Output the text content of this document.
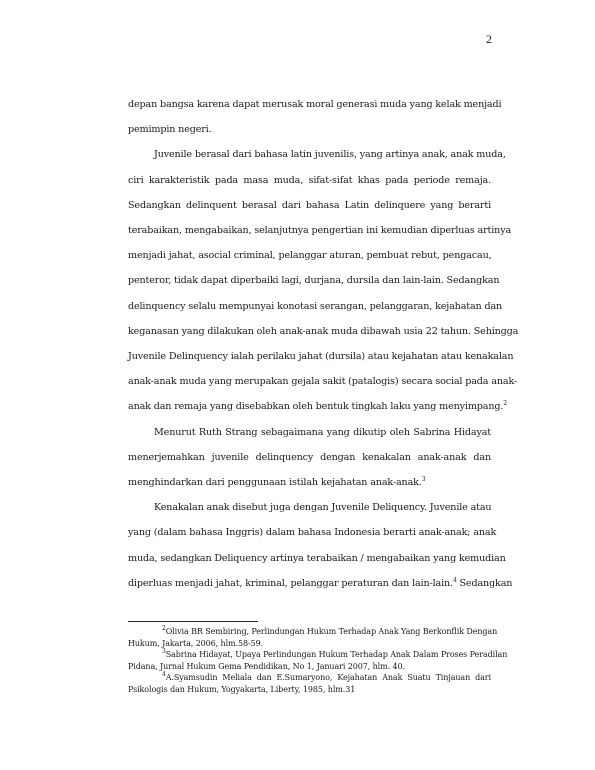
2
depan bangsa karena dapat merusak moral generasi muda yang kelak menjadi
pemimpin negeri.
Juvenile berasal dari bahasa latin juvenilis, yang artinya anak, anak muda,
ciri karakteristik pada masa muda, sifat-sifat khas pada periode remaja.
Sedangkan delinquent berasal dari bahasa Latin delinquere yang berarti
terabaikan, mengabaikan, selanjutnya pengertian ini kemudian diperluas artinya
menjadi jahat, asocial criminal, pelanggar aturan, pembuat rebut, pengacau,
penteror, tidak dapat diperbaiki lagi, durjana, dursila dan lain-lain. Sedangkan
delinquency selalu mempunyai konotasi serangan, pelanggaran, kejahatan dan
keganasan yang dilakukan oleh anak-anak muda dibawah usia 22 tahun. Sehingga
Juvenile Delinquency ialah perilaku jahat (dursila) atau kejahatan atau kenakalan
anak-anak muda yang merupakan gejala sakit (patalogis) secara social pada anak-
anak dan remaja yang disebabkan oleh bentuk tingkah laku yang menyimpang.$^2$
Menurut Ruth Strang sebagaimana yang dikutip oleh Sabrina Hidayat
menerjemahkan juvenile delinquency dengan kenakalan anak-anak dan
menghindarkan dari penggunaan istilah kejahatan anak-anak.$^3$
Kenakalan anak disebut juga dengan Juvenile Deliquency. Juvenile atau
yang (dalam bahasa Inggris) dalam bahasa Indonesia berarti anak-anak; anak
muda, sedangkan Deliquency artinya terabaikan / mengabaikan yang kemudian
diperluas menjadi jahat, kriminal, pelanggar peraturan dan lain-lain.$^4$ Sedangkan
$^2$Olivia BR Sembiring, Perlindungan Hukum Terhadap Anak Yang Berkonflik Dengan
Hukum, Jakarta, 2006, hlm.58-59.
$^3$Sabrina Hidayat, Upaya Perlindungan Hukum Terhadap Anak Dalam Proses Peradilan
Pidana, Jurnal Hukum Gema Pendidikan, No 1, Januari 2007, hlm. 40.
$^4$A.Syamsudin Meliala dan E.Sumaryono, Kejahatan Anak Suatu Tinjauan dari
Psikologis dan Hukum, Yogyakarta, Liberty, 1985, hlm.31
